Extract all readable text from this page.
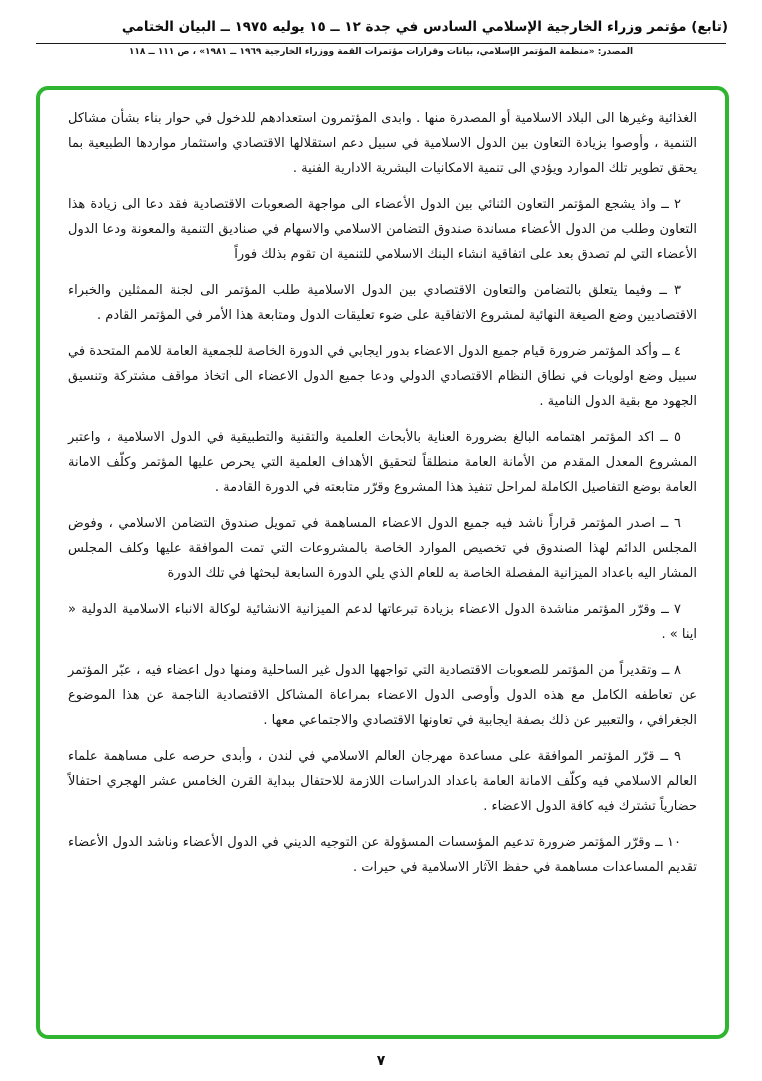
(تابع) مؤتمر وزراء الخارجية الإسلامي السادس في جدة ١٢ ــ ١٥ يوليه ١٩٧٥ ــ البيان الختامي
المصدر: «منظمة المؤتمر الإسلامي، بيانات وقرارات مؤتمرات القمة ووزراء الخارجية ١٩٦٩ ــ ١٩٨١» ، ص ١١١ ــ ١١٨

الغذائية وغيرها الى البلاد الاسلامية أو المصدرة منها . وابدى المؤتمرون استعدادهم للدخول في حوار بناء بشأن مشاكل التنمية ، وأوصوا بزيادة التعاون بين الدول الاسلامية في سبيل دعم استقلالها الاقتصادي واستثمار مواردها الطبيعية بما يحقق تطوير تلك الموارد ويؤدي الى تنمية الامكانيات البشرية الادارية الفنية .

٢ ــ واذ يشجع المؤتمر التعاون الثنائي بين الدول الأعضاء الى مواجهة الصعوبات الاقتصادية فقد دعا الى زيادة هذا التعاون وطلب من الدول الأعضاء مساندة صندوق التضامن الاسلامي والاسهام في صناديق التنمية والمعونة ودعا الدول الأعضاء التي لم تصدق بعد على اتفاقية انشاء البنك الاسلامي للتنمية ان تقوم بذلك فوراً

٣ ــ وفيما يتعلق بالتضامن والتعاون الاقتصادي بين الدول الاسلامية طلب المؤتمر الى لجنة الممثلين والخبراء الاقتصاديين وضع الصيغة النهائية لمشروع الاتفاقية على ضوء تعليقات الدول ومتابعة هذا الأمر في المؤتمر القادم .

٤ ــ وأكد المؤتمر ضرورة قيام جميع الدول الاعضاء بدور ايجابي في الدورة الخاصة للجمعية العامة للامم المتحدة في سبيل وضع اولويات في نطاق النظام الاقتصادي الدولي ودعا جميع الدول الاعضاء الى اتخاذ مواقف مشتركة وتنسيق الجهود مع بقية الدول النامية .

٥ ــ اكد المؤتمر اهتمامه البالغ بضرورة العناية بالأبحاث العلمية والتقنية والتطبيقية في الدول الاسلامية ، واعتبر المشروع المعدل المقدم من الأمانة العامة منطلقاً لتحقيق الأهداف العلمية التي يحرص عليها المؤتمر وكلّف الامانة العامة بوضع التفاصيل الكاملة لمراحل تنفيذ هذا المشروع وقرّر متابعته في الدورة القادمة .

٦ ــ اصدر المؤتمر قراراً ناشد فيه جميع الدول الاعضاء المساهمة في تمويل صندوق التضامن الاسلامي ، وفوض المجلس الدائم لهذا الصندوق في تخصيص الموارد الخاصة بالمشروعات التي تمت الموافقة عليها وكلف المجلس المشار اليه باعداد الميزانية المفصلة الخاصة به للعام الذي يلي الدورة السابعة لبحثها في تلك الدورة

٧ ــ وقرّر المؤتمر مناشدة الدول الاعضاء بزيادة تبرعاتها لدعم الميزانية الانشائية لوكالة الانباء الاسلامية الدولية « اينا » .

٨ ــ وتقديراً من المؤتمر للصعوبات الاقتصادية التي تواجهها الدول غير الساحلية ومنها دول اعضاء فيه ، عبّر المؤتمر عن تعاطفه الكامل مع هذه الدول وأوصى الدول الاعضاء بمراعاة المشاكل الاقتصادية الناجمة عن هذا الموضوع الجغرافي ، والتعبير عن ذلك بصفة ايجابية في تعاونها الاقتصادي والاجتماعي معها .

٩ ــ قرّر المؤتمر الموافقة على مساعدة مهرجان العالم الاسلامي في لندن ، وأبدى حرصه على مساهمة علماء العالم الاسلامي فيه وكلّف الامانة العامة باعداد الدراسات اللازمة للاحتفال ببداية القرن الخامس عشر الهجري احتفالاً حضارياً تشترك فيه كافة الدول الاعضاء .

١٠ ــ وقرّر المؤتمر ضرورة تدعيم المؤسسات المسؤولة عن التوجيه الديني في الدول الأعضاء وناشد الدول الأعضاء تقديم المساعدات مساهمة في حفظ الآثار الاسلامية في حيرات .

٧
